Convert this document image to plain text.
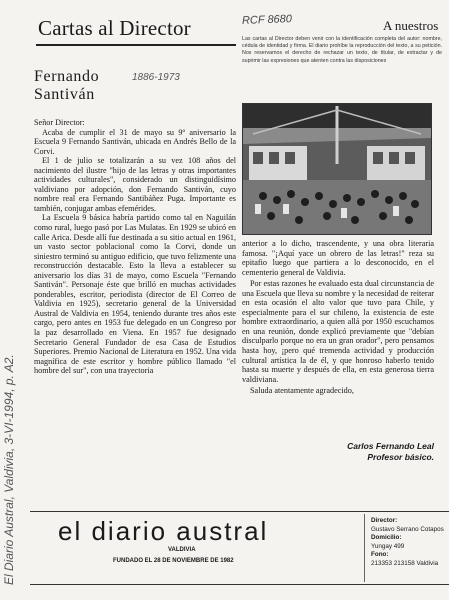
Cartas al Director	RCF 8680	A nuestros
Las cartas al Director deben venir con la identificación completa del autor: nombre, cédula de identidad y firma. El diario prohíbe la reproducción del texto, a su petición. Nos reservamos el derecho de rechazar un texto, de titular, de extractar y de suprimir las expresiones que atenten contra las disposiciones
Fernando
Santiván
1886-1973

Señor Director:

Acaba de cumplir el 31 de mayo su 9º aniversario la Escuela 9 Fernando Santiván, ubicada en Andrés Bello de la Corvi.

El 1 de julio se totalizarán a su vez 108 años del nacimiento del ilustre "hijo de las letras y otras importantes actividades culturales", considerado un distinguidísimo valdiviano por adopción, don Fernando Santiván, cuyo nombre real era Fernando Santibáñez Puga. Importante es también, conjugar ambas efemérides.

La Escuela 9 básica habría partido como tal en Naguilán como rural, luego pasó por Las Mulatas. En 1929 se ubicó en calle Arica. Desde allí fue destinada a su sitio actual en 1961, un vasto sector poblacional como la Corvi, donde un siniestro terminó su antiguo edificio, que tuvo felizmente una reconstrucción destacable. Esto la lleva a establecer su aniversario los días 31 de mayo, como Escuela "Fernando Santiván". Personaje éste que brilló en muchas actividades ponderables, escritor, periodista (director de El Correo de Valdivia en 1925), secretario general de la Universidad Austral de Valdivia en 1954, teniendo durante tres años este cargo, pero antes en 1953 fue delegado en un Congreso por la paz desarrollado en Viena. En 1957 fue designado Secretario General Fundador de esa Casa de Estudios Superiores. Premio Nacional de Literatura en 1952. Una vida magnífica de este escritor y hombre público llamado "el hombre del sur", con una trayectoria

anterior a lo dicho, trascendente, y una obra literaria famosa. "¡Aquí yace un obrero de las letras!" reza su epitafio luego que partiera a lo desconocido, en el cementerio general de Valdivia.

Por estas razones he evaluado esta dual circunstancia de una Escuela que lleva su nombre y la necesidad de reiterar en esta ocasión el alto valor que tuvo para Chile, y especialmente para el sur chileno, la existencia de este hombre extraordinario, a quien allá por 1950 escuchamos en una reunión, donde explicó previamente que "debían disculparlo porque no era un gran orador", pero pensamos hasta hoy, ¡pero qué tremenda actividad y producción cultural artística la de él, y que honroso haberlo tenido hasta su muerte y después de ella, en esta generosa tierra valdiviana.

Saluda atentamente agradecido,

Carlos Fernando Leal
Profesor básico.
El Diario Austral, Valdivia, 3-VI-1994, p. A2. el diario austral
VALDIVIA
FUNDADO EL 28 DE NOVIEMBRE DE 1982
Director:
Gustavo Serrano Cotapos
Domicilio:
Yungay 499
Fono:
213353 213158 Valdivia
